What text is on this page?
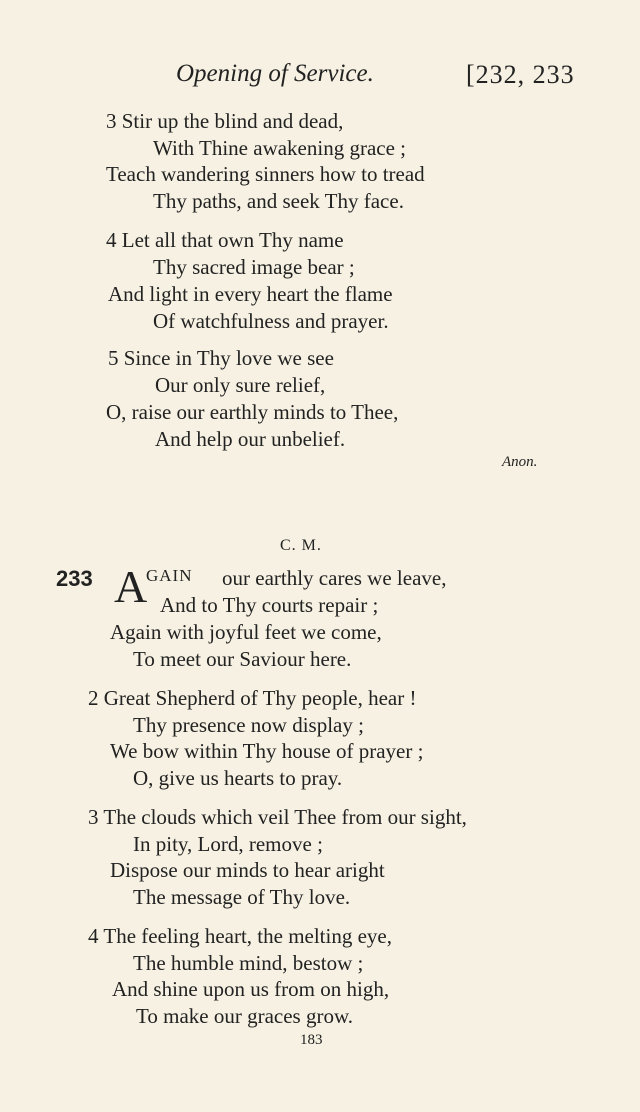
Opening of Service.	[232, 233
3 Stir up the blind and dead,
With Thine awakening grace ;
Teach wandering sinners how to tread
Thy paths, and seek Thy face.
4 Let all that own Thy name
Thy sacred image bear ;
And light in every heart the flame
Of watchfulness and prayer.
5 Since in Thy love we see
Our only sure relief,
O, raise our earthly minds to Thee,
And help our unbelief.
Anon.
C. M.
233 A
GAIN our earthly cares we leave,
And to Thy courts repair ;
Again with joyful feet we come,
To meet our Saviour here.
2 Great Shepherd of Thy people, hear !
Thy presence now display ;
We bow within Thy house of prayer ;
O, give us hearts to pray.
3 The clouds which veil Thee from our sight,
In pity, Lord, remove ;
Dispose our minds to hear aright
The message of Thy love.
4 The feeling heart, the melting eye,
The humble mind, bestow ;
And shine upon us from on high,
To make our graces grow.
183
